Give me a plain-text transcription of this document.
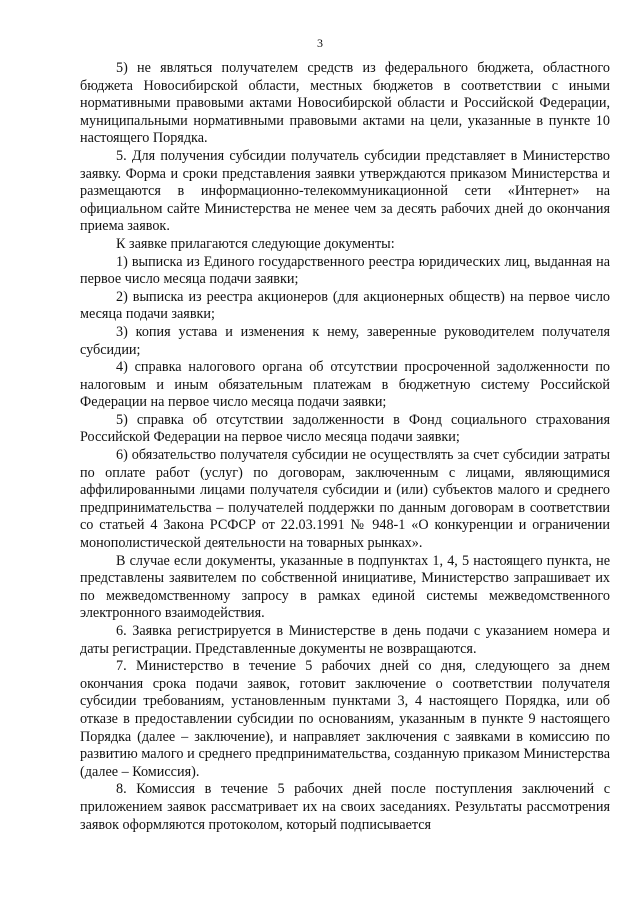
3

5) не являться получателем средств из федерального бюджета, областного бюджета Новосибирской области, местных бюджетов в соответствии с иными нормативными правовыми актами Новосибирской области и Российской Федерации, муниципальными нормативными правовыми актами на цели, указанные в пункте 10 настоящего Порядка.

5. Для получения субсидии получатель субсидии представляет в Министерство заявку. Форма и сроки представления заявки утверждаются приказом Министерства и размещаются в информационно-телекоммуникационной сети «Интернет» на официальном сайте Министерства не менее чем за десять рабочих дней до окончания приема заявок.

К заявке прилагаются следующие документы:

1) выписка из Единого государственного реестра юридических лиц, выданная на первое число месяца подачи заявки;

2) выписка из реестра акционеров (для акционерных обществ) на первое число месяца подачи заявки;

3) копия устава и изменения к нему, заверенные руководителем получателя субсидии;

4) справка налогового органа об отсутствии просроченной задолженности по налоговым и иным обязательным платежам в бюджетную систему Российской Федерации на первое число месяца подачи заявки;

5) справка об отсутствии задолженности в Фонд социального страхования Российской Федерации на первое число месяца подачи заявки;

6) обязательство получателя субсидии не осуществлять за счет субсидии затраты по оплате работ (услуг) по договорам, заключенным с лицами, являющимися аффилированными лицами получателя субсидии и (или) субъектов малого и среднего предпринимательства – получателей поддержки по данным договорам в соответствии со статьей 4 Закона РСФСР от 22.03.1991 № 948-1 «О конкуренции и ограничении монополистической деятельности на товарных рынках».

В случае если документы, указанные в подпунктах 1, 4, 5 настоящего пункта, не представлены заявителем по собственной инициативе, Министерство запрашивает их по межведомственному запросу в рамках единой системы межведомственного электронного взаимодействия.

6. Заявка регистрируется в Министерстве в день подачи с указанием номера и даты регистрации. Представленные документы не возвращаются.

7. Министерство в течение 5 рабочих дней со дня, следующего за днем окончания срока подачи заявок, готовит заключение о соответствии получателя субсидии требованиям, установленным пунктами 3, 4 настоящего Порядка, или об отказе в предоставлении субсидии по основаниям, указанным в пункте 9 настоящего Порядка (далее – заключение), и направляет заключения с заявками в комиссию по развитию малого и среднего предпринимательства, созданную приказом Министерства (далее – Комиссия).

8. Комиссия в течение 5 рабочих дней после поступления заключений с приложением заявок рассматривает их на своих заседаниях. Результаты рассмотрения заявок оформляются протоколом, который подписывается
